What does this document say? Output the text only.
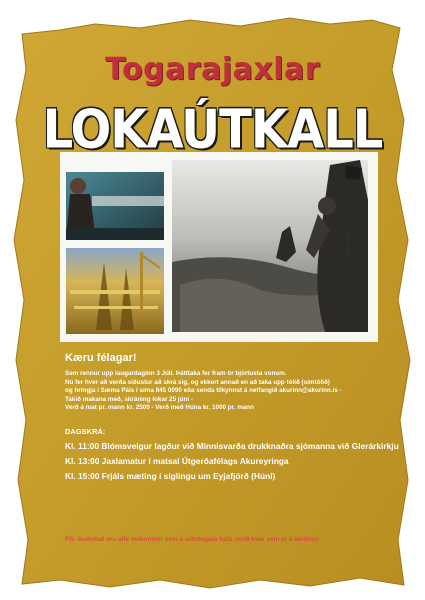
islandsnet.is
Togarajaxlar
LOKAÚTKALL
MAR 1993
Kæru félagar!
Sem rennur upp laugardaginn 3 Júlí. Þátttaka fer fram ör bjórtusta vonum.
Nú fer hver að verða síðustur að skrá sig, og ekkert annað en að taka upp tólið (símtólið)
og hringja í Sæma Páls í síma 845 0090 eða senda tilkynnst á netfangið akurinn@akurinn.is -
Takið makana með, skráning lokar 25 júní -
Verð á mat pr. mann kr. 2500 - Verð með Húna kr. 1000 pr. mann
DAGSKRÁ:
Kl. 11:00 Blómsveigur lagður við Minnisvarða drukknaðra sjómanna við Glerárkirkju
Kl. 13:00 Jaxlamatur í matsal Útgerðafélags Akureyringa
Kl. 15:00 Frjáls mæting í siglingu um Eyjafjörð (Húni)
PS: Auðvitað eru allir velkommir sem á síðutogara hafa verið hvar sem er á landinu!
